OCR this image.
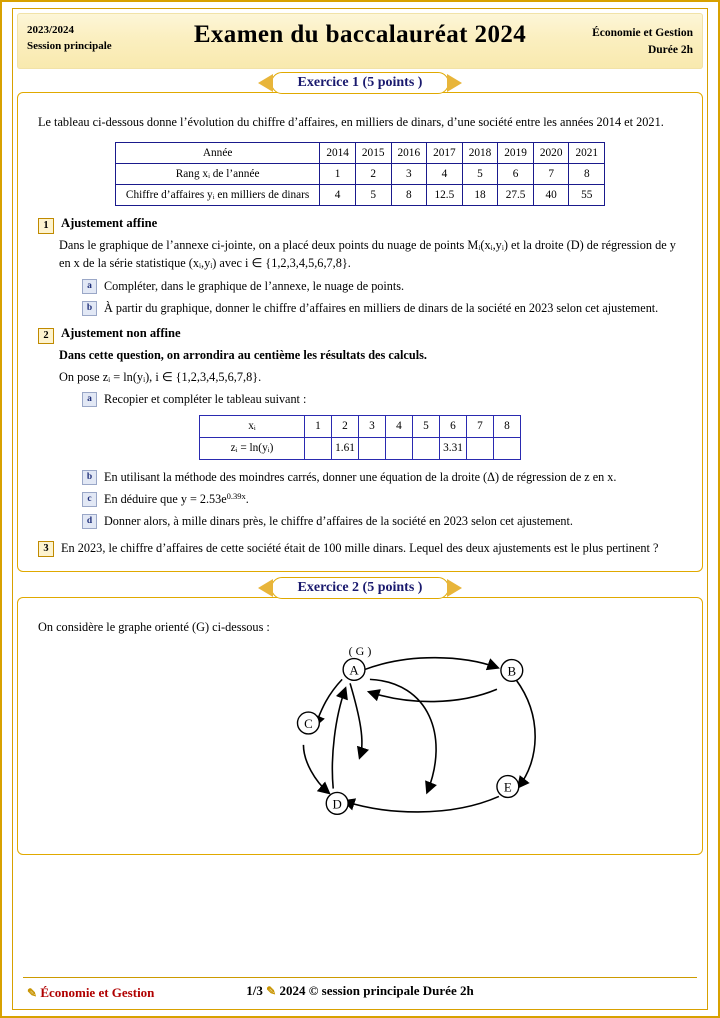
2023/2024
Session principale	Examen du baccalauréat 2024	Économie et Gestion
Durée 2h
Exercice 1 (5 points )
Le tableau ci-dessous donne l’évolution du chiffre d’affaires, en milliers de dinars, d’une société entre les années 2014 et 2021.
Année	2014	2015	2016	2017	2018	2019	2020	2021
Rang xᵢ de l’année	1	2	3	4	5	6	7	8
Chiffre d’affaires yᵢ en milliers de dinars	4	5	8	12.5	18	27.5	40	55
1 Ajustement affine
Dans le graphique de l’annexe ci-jointe, on a placé deux points du nuage de points Mᵢ(xᵢ,yᵢ) et la droite (D) de régression de y en x de la série statistique (xᵢ,yᵢ) avec i ∈ {1,2,3,4,5,6,7,8}.
a Compléter, dans le graphique de l’annexe, le nuage de points.
b À partir du graphique, donner le chiffre d’affaires en milliers de dinars de la société en 2023 selon cet ajustement.
2 Ajustement non affine
Dans cette question, on arrondira au centième les résultats des calculs.
On pose zᵢ = ln(yᵢ), i ∈ {1,2,3,4,5,6,7,8}.
a Recopier et compléter le tableau suivant :
xᵢ	1	2	3	4	5	6	7	8
zᵢ = ln(yᵢ)		1.61				3.31		
b En utilisant la méthode des moindres carrés, donner une équation de la droite (Δ) de régression de z en x.
c	En déduire que $y = 2.53e^{0.39x}$.
d Donner alors, à mille dinars près, le chiffre d’affaires de la société en 2023 selon cet ajustement.
3	En 2023, le chiffre d’affaires de cette société était de 100 mille dinars. Lequel des deux ajustements est le plus pertinent ?
Exercice 2 (5 points )
On considère le graphe orienté (G) ci-dessous :
( G )
A	B
C
D
E
✎ Économie et Gestion	1/3 ✎ 2024 © session principale Durée 2h
